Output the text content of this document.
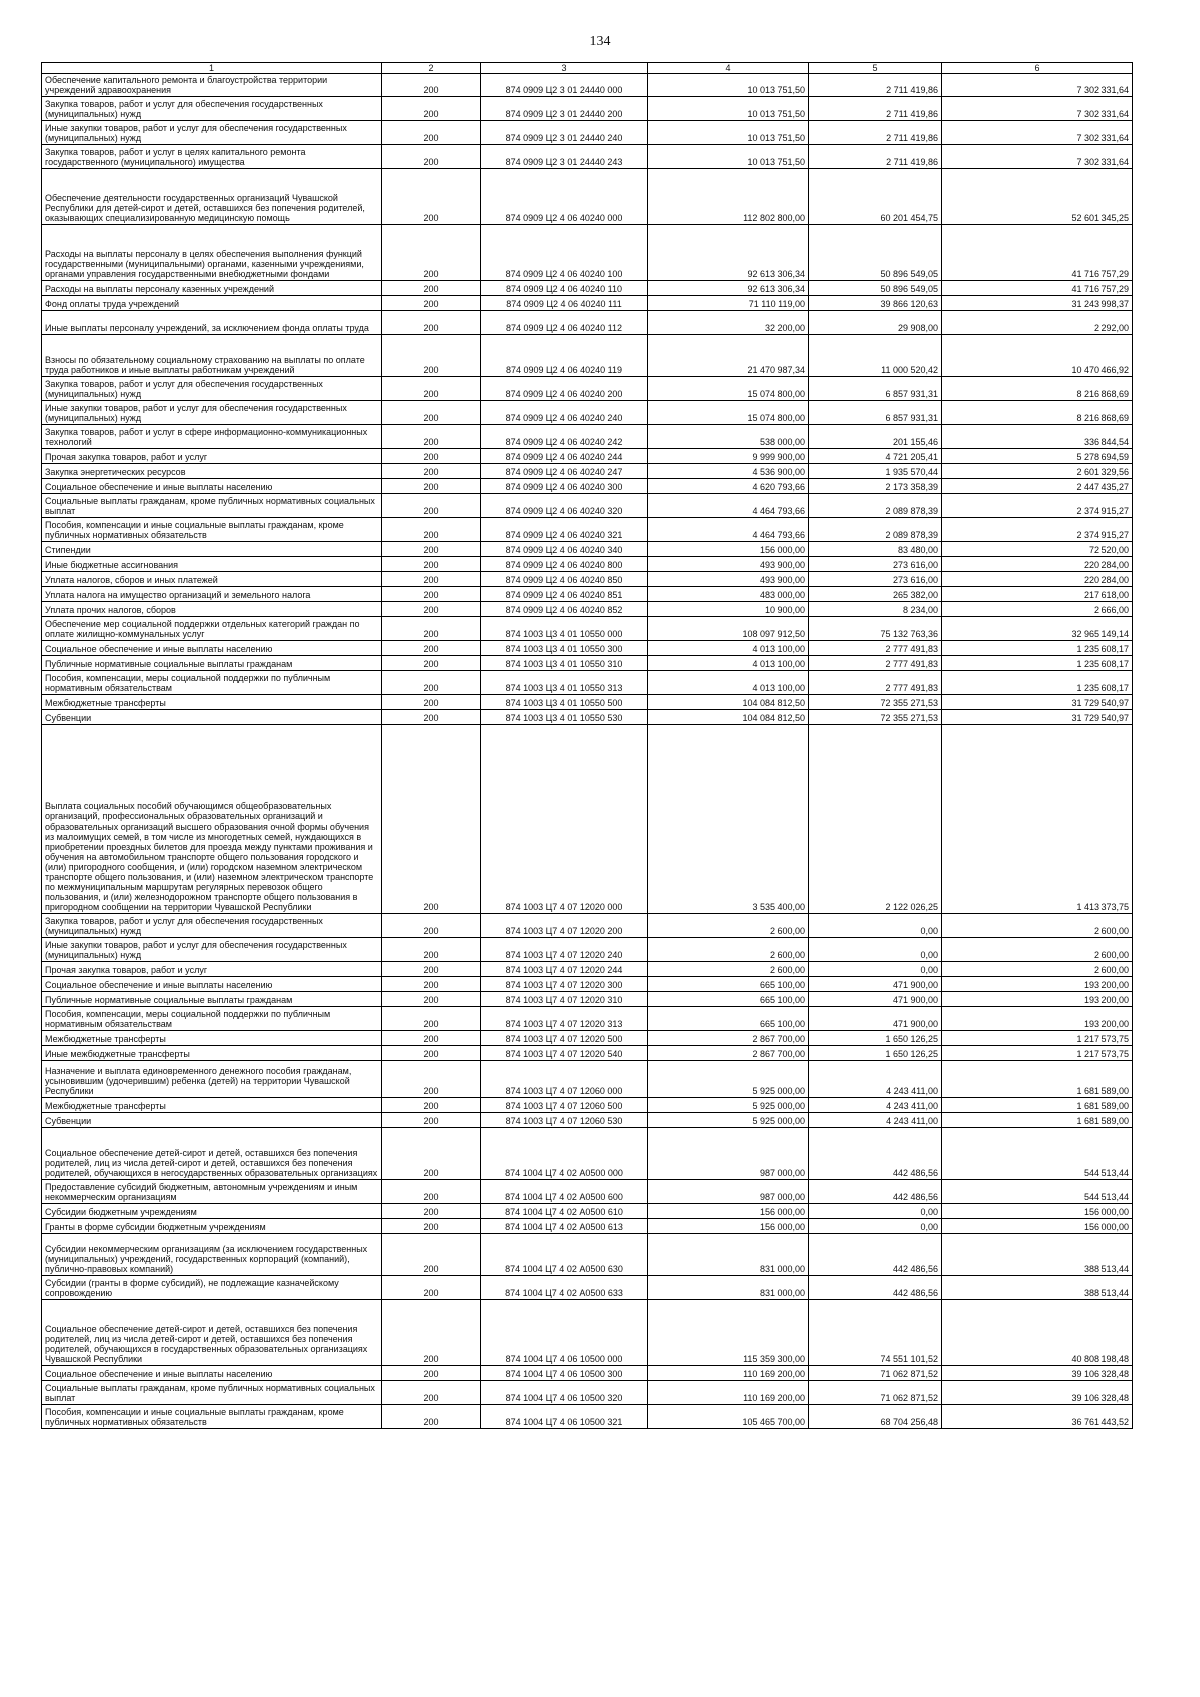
134
1	2	3	4	5	6
Обеспечение капитального ремонта и благоустройства территории учреждений здравоохранения	200	874 0909 Ц2 3 01 24440 000	10 013 751,50	2 711 419,86	7 302 331,64
Закупка товаров, работ и услуг для обеспечения государственных (муниципальных) нужд	200	874 0909 Ц2 3 01 24440 200	10 013 751,50	2 711 419,86	7 302 331,64
Иные закупки товаров, работ и услуг для обеспечения государственных (муниципальных) нужд	200	874 0909 Ц2 3 01 24440 240	10 013 751,50	2 711 419,86	7 302 331,64
Закупка товаров, работ и услуг в целях капитального ремонта государственного (муниципального) имущества	200	874 0909 Ц2 3 01 24440 243	10 013 751,50	2 711 419,86	7 302 331,64
Обеспечение деятельности государственных организаций Чувашской Республики для детей-сирот и детей, оставшихся без попечения родителей, оказывающих специализированную медицинскую помощь	200	874 0909 Ц2 4 06 40240 000	112 802 800,00	60 201 454,75	52 601 345,25
Расходы на выплаты персоналу в целях обеспечения выполнения функций государственными (муниципальными) органами, казенными учреждениями, органами управления государственными внебюджетными фондами	200	874 0909 Ц2 4 06 40240 100	92 613 306,34	50 896 549,05	41 716 757,29
Расходы на выплаты персоналу казенных учреждений	200	874 0909 Ц2 4 06 40240 110	92 613 306,34	50 896 549,05	41 716 757,29
Фонд оплаты труда учреждений	200	874 0909 Ц2 4 06 40240 111	71 110 119,00	39 866 120,63	31 243 998,37
Иные выплаты персоналу учреждений, за исключением фонда оплаты труда	200	874 0909 Ц2 4 06 40240 112	32 200,00	29 908,00	2 292,00
Взносы по обязательному социальному страхованию на выплаты по оплате труда работников и иные выплаты работникам учреждений	200	874 0909 Ц2 4 06 40240 119	21 470 987,34	11 000 520,42	10 470 466,92
Закупка товаров, работ и услуг для обеспечения государственных (муниципальных) нужд	200	874 0909 Ц2 4 06 40240 200	15 074 800,00	6 857 931,31	8 216 868,69
Иные закупки товаров, работ и услуг для обеспечения государственных (муниципальных) нужд	200	874 0909 Ц2 4 06 40240 240	15 074 800,00	6 857 931,31	8 216 868,69
Закупка товаров, работ и услуг в сфере информационно-коммуникационных технологий	200	874 0909 Ц2 4 06 40240 242	538 000,00	201 155,46	336 844,54
Прочая закупка товаров, работ и услуг	200	874 0909 Ц2 4 06 40240 244	9 999 900,00	4 721 205,41	5 278 694,59
Закупка энергетических ресурсов	200	874 0909 Ц2 4 06 40240 247	4 536 900,00	1 935 570,44	2 601 329,56
Социальное обеспечение и иные выплаты населению	200	874 0909 Ц2 4 06 40240 300	4 620 793,66	2 173 358,39	2 447 435,27
Социальные выплаты гражданам, кроме публичных нормативных социальных выплат	200	874 0909 Ц2 4 06 40240 320	4 464 793,66	2 089 878,39	2 374 915,27
Пособия, компенсации и иные социальные выплаты гражданам, кроме публичных нормативных обязательств	200	874 0909 Ц2 4 06 40240 321	4 464 793,66	2 089 878,39	2 374 915,27
Стипендии	200	874 0909 Ц2 4 06 40240 340	156 000,00	83 480,00	72 520,00
Иные бюджетные ассигнования	200	874 0909 Ц2 4 06 40240 800	493 900,00	273 616,00	220 284,00
Уплата налогов, сборов и иных платежей	200	874 0909 Ц2 4 06 40240 850	493 900,00	273 616,00	220 284,00
Уплата налога на имущество организаций и земельного налога	200	874 0909 Ц2 4 06 40240 851	483 000,00	265 382,00	217 618,00
Уплата прочих налогов, сборов	200	874 0909 Ц2 4 06 40240 852	10 900,00	8 234,00	2 666,00
Обеспечение мер социальной поддержки отдельных категорий граждан по оплате жилищно-коммунальных услуг	200	874 1003 Ц3 4 01 10550 000	108 097 912,50	75 132 763,36	32 965 149,14
Социальное обеспечение и иные выплаты населению	200	874 1003 Ц3 4 01 10550 300	4 013 100,00	2 777 491,83	1 235 608,17
Публичные нормативные социальные выплаты гражданам	200	874 1003 Ц3 4 01 10550 310	4 013 100,00	2 777 491,83	1 235 608,17
Пособия, компенсации, меры социальной поддержки по публичным нормативным обязательствам	200	874 1003 Ц3 4 01 10550 313	4 013 100,00	2 777 491,83	1 235 608,17
Межбюджетные трансферты	200	874 1003 Ц3 4 01 10550 500	104 084 812,50	72 355 271,53	31 729 540,97
Субвенции	200	874 1003 Ц3 4 01 10550 530	104 084 812,50	72 355 271,53	31 729 540,97
Выплата социальных пособий обучающимся общеобразовательных организаций, профессиональных образовательных организаций и образовательных организаций высшего образования очной формы обучения из малоимущих семей, в том числе из многодетных семей, нуждающихся в приобретении проездных билетов для проезда между пунктами проживания и обучения на автомобильном транспорте общего пользования городского и (или) пригородного сообщения, и (или) городском наземном электрическом транспорте общего пользования, и (или) наземном электрическом транспорте по межмуниципальным маршрутам регулярных перевозок общего пользования, и (или) железнодорожном транспорте общего пользования в пригородном сообщении на территории Чувашской Республики	200	874 1003 Ц7 4 07 12020 000	3 535 400,00	2 122 026,25	1 413 373,75
Закупка товаров, работ и услуг для обеспечения государственных (муниципальных) нужд	200	874 1003 Ц7 4 07 12020 200	2 600,00	0,00	2 600,00
Иные закупки товаров, работ и услуг для обеспечения государственных (муниципальных) нужд	200	874 1003 Ц7 4 07 12020 240	2 600,00	0,00	2 600,00
Прочая закупка товаров, работ и услуг	200	874 1003 Ц7 4 07 12020 244	2 600,00	0,00	2 600,00
Социальное обеспечение и иные выплаты населению	200	874 1003 Ц7 4 07 12020 300	665 100,00	471 900,00	193 200,00
Публичные нормативные социальные выплаты гражданам	200	874 1003 Ц7 4 07 12020 310	665 100,00	471 900,00	193 200,00
Пособия, компенсации, меры социальной поддержки по публичным нормативным обязательствам	200	874 1003 Ц7 4 07 12020 313	665 100,00	471 900,00	193 200,00
Межбюджетные трансферты	200	874 1003 Ц7 4 07 12020 500	2 867 700,00	1 650 126,25	1 217 573,75
Иные межбюджетные трансферты	200	874 1003 Ц7 4 07 12020 540	2 867 700,00	1 650 126,25	1 217 573,75
Назначение и выплата единовременного денежного пособия гражданам, усыновившим (удочерившим) ребенка (детей) на территории Чувашской Республики	200	874 1003 Ц7 4 07 12060 000	5 925 000,00	4 243 411,00	1 681 589,00
Межбюджетные трансферты	200	874 1003 Ц7 4 07 12060 500	5 925 000,00	4 243 411,00	1 681 589,00
Субвенции	200	874 1003 Ц7 4 07 12060 530	5 925 000,00	4 243 411,00	1 681 589,00
Социальное обеспечение детей-сирот и детей, оставшихся без попечения родителей, лиц из числа детей-сирот и детей, оставшихся без попечения родителей, обучающихся в негосударственных образовательных организациях	200	874 1004 Ц7 4 02 А0500 000	987 000,00	442 486,56	544 513,44
Предоставление субсидий бюджетным, автономным учреждениям и иным некоммерческим организациям	200	874 1004 Ц7 4 02 А0500 600	987 000,00	442 486,56	544 513,44
Субсидии бюджетным учреждениям	200	874 1004 Ц7 4 02 А0500 610	156 000,00	0,00	156 000,00
Гранты в форме субсидии бюджетным учреждениям	200	874 1004 Ц7 4 02 А0500 613	156 000,00	0,00	156 000,00
Субсидии некоммерческим организациям (за исключением государственных (муниципальных) учреждений, государственных корпораций (компаний), публично-правовых компаний)	200	874 1004 Ц7 4 02 А0500 630	831 000,00	442 486,56	388 513,44
Субсидии (гранты в форме субсидий), не подлежащие казначейскому сопровождению	200	874 1004 Ц7 4 02 А0500 633	831 000,00	442 486,56	388 513,44
Социальное обеспечение детей-сирот и детей, оставшихся без попечения родителей, лиц из числа детей-сирот и детей, оставшихся без попечения родителей, обучающихся в государственных образовательных организациях Чувашской Республики	200	874 1004 Ц7 4 06 10500 000	115 359 300,00	74 551 101,52	40 808 198,48
Социальное обеспечение и иные выплаты населению	200	874 1004 Ц7 4 06 10500 300	110 169 200,00	71 062 871,52	39 106 328,48
Социальные выплаты гражданам, кроме публичных нормативных социальных выплат	200	874 1004 Ц7 4 06 10500 320	110 169 200,00	71 062 871,52	39 106 328,48
Пособия, компенсации и иные социальные выплаты гражданам, кроме публичных нормативных обязательств	200	874 1004 Ц7 4 06 10500 321	105 465 700,00	68 704 256,48	36 761 443,52
